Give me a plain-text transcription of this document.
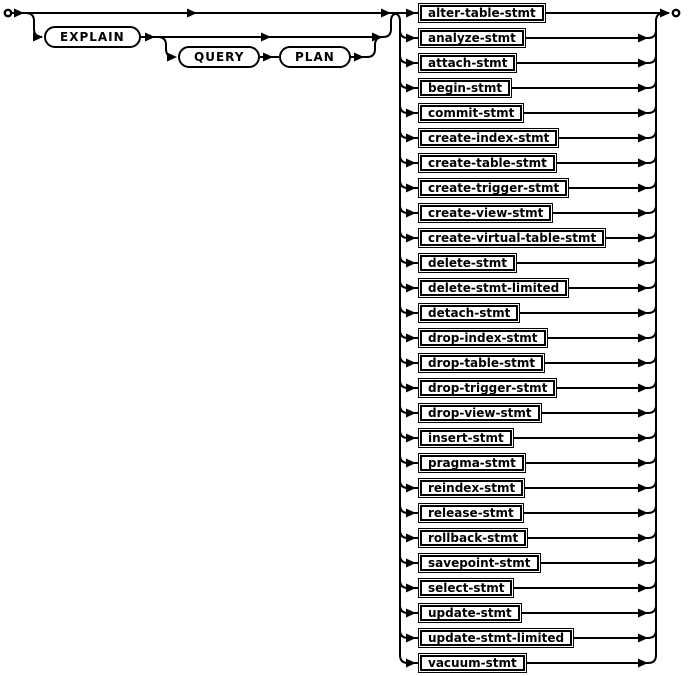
alter-table-stmt
analyze-stmt
attach-stmt
begin-stmt
commit-stmt
create-index-stmt
create-table-stmt
create-trigger-stmt
create-view-stmt
create-virtual-table-stmt
delete-stmt
delete-stmt-limited
detach-stmt
drop-index-stmt
drop-table-stmt
drop-trigger-stmt
drop-view-stmt
insert-stmt
pragma-stmt
reindex-stmt
release-stmt
rollback-stmt
savepoint-stmt
select-stmt
update-stmt
update-stmt-limited
vacuum-stmt
EXPLAIN
QUERY	PLAN
